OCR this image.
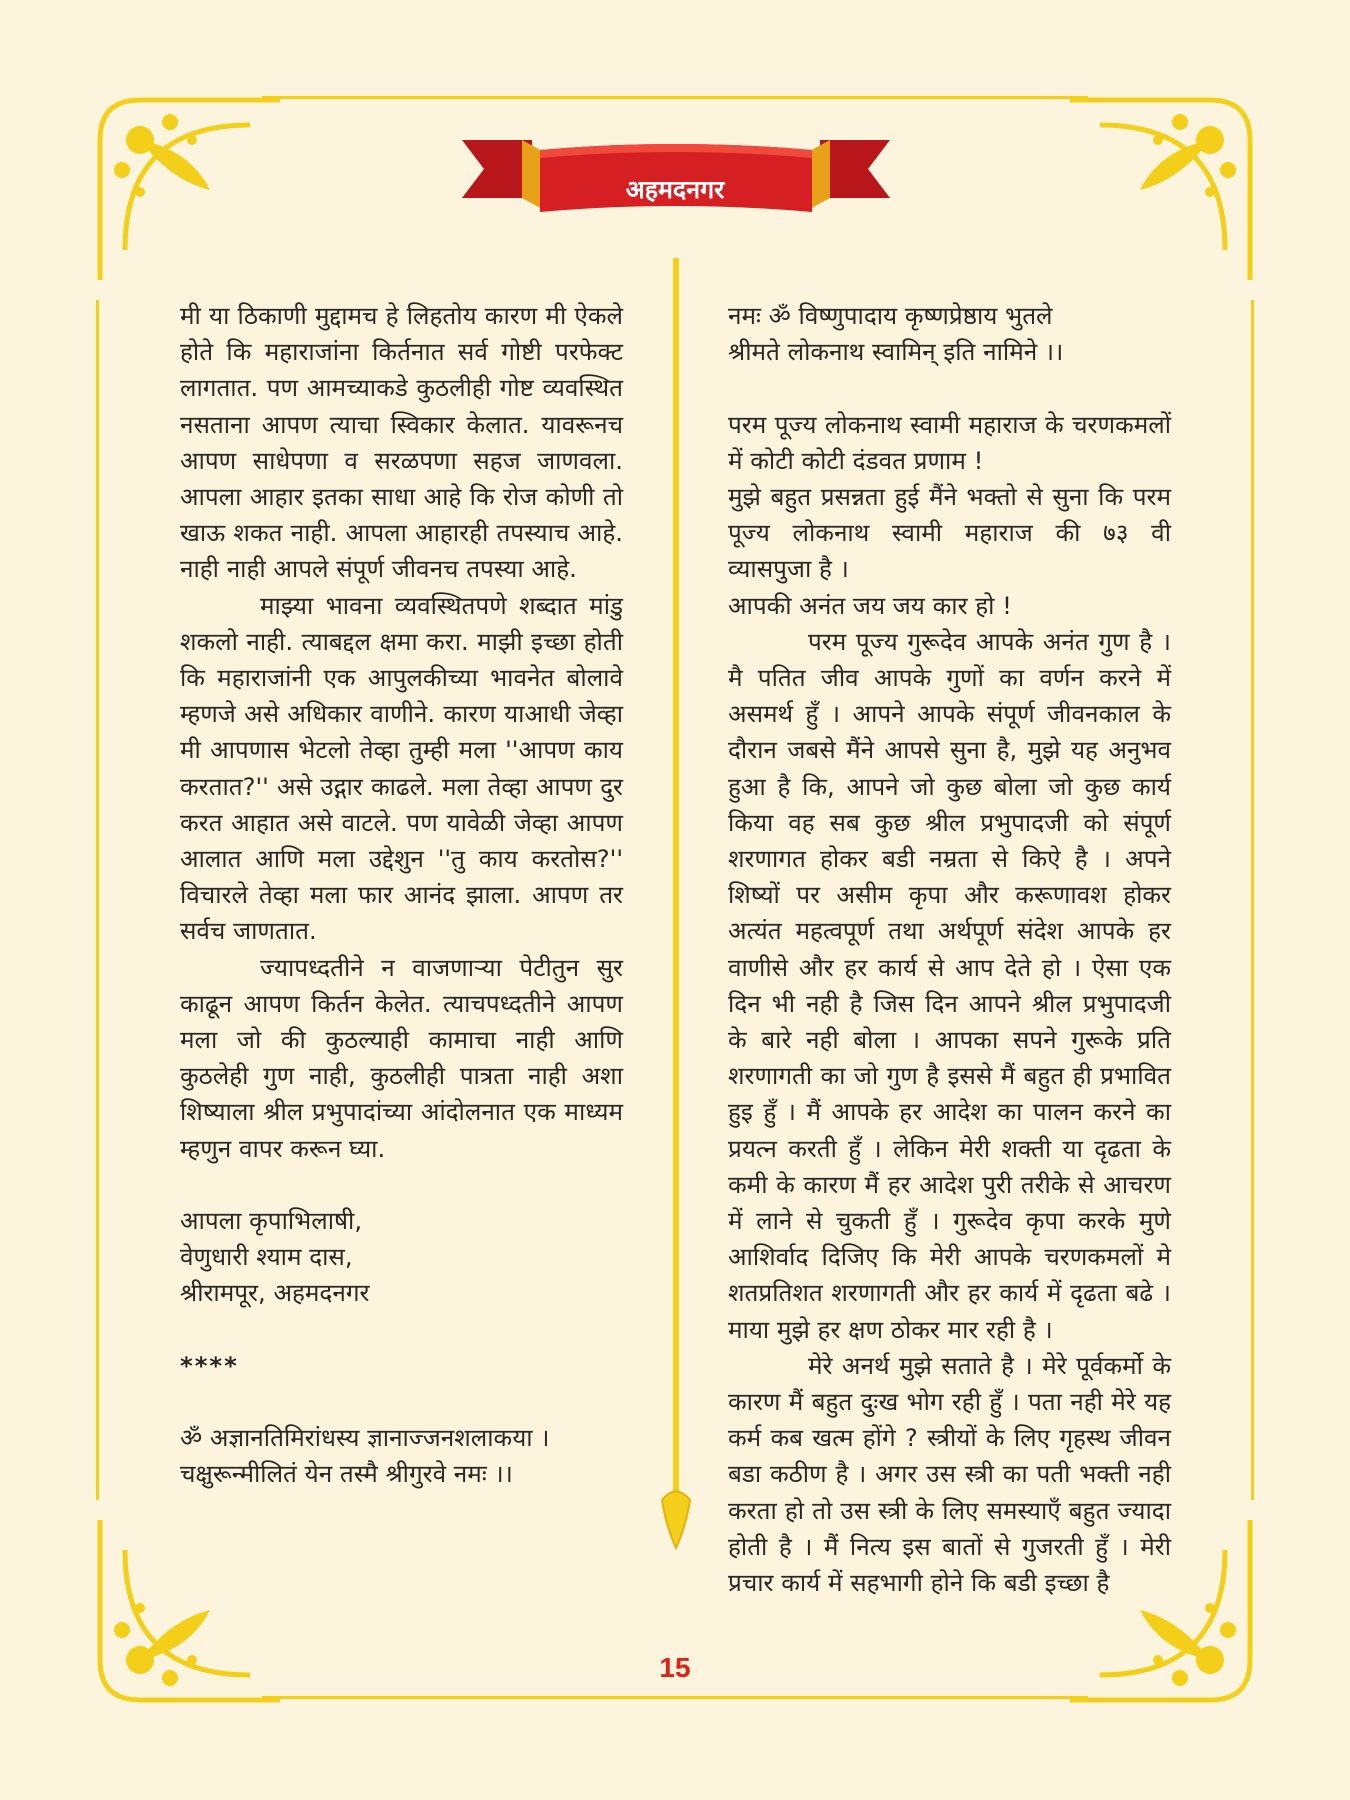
अहमदनगर

मी या ठिकाणी मुद्दामच हे लिहतोय कारण मी ऐकले होते कि महाराजांना किर्तनात सर्व गोष्टी परफेक्ट लागतात. पण आमच्याकडे कुठलीही गोष्ट व्यवस्थित नसताना आपण त्याचा स्विकार केलात. यावरूनच आपण साधेपणा व सरळपणा सहज जाणवला. आपला आहार इतका साधा आहे कि रोज कोणी तो खाऊ शकत नाही. आपला आहारही तपस्याच आहे. नाही नाही आपले संपूर्ण जीवनच तपस्या आहे.

माझ्या भावना व्यवस्थितपणे शब्दात मांडु शकलो नाही. त्याबद्दल क्षमा करा. माझी इच्छा होती कि महाराजांनी एक आपुलकीच्या भावनेत बोलावे म्हणजे असे अधिकार वाणीने. कारण याआधी जेव्हा मी आपणास भेटलो तेव्हा तुम्ही मला ''आपण काय करतात?'' असे उद्गार काढले. मला तेव्हा आपण दुर करत आहात असे वाटले. पण यावेळी जेव्हा आपण आलात आणि मला उद्देशुन ''तु काय करतोस?'' विचारले तेव्हा मला फार आनंद झाला. आपण तर सर्वच जाणतात.

ज्यापध्दतीने न वाजणाऱ्या पेटीतुन सुर काढून आपण किर्तन केलेत. त्याचपध्दतीने आपण मला जो की कुठल्याही कामाचा नाही आणि कुठलेही गुण नाही, कुठलीही पात्रता नाही अशा शिष्याला श्रील प्रभुपादांच्या आंदोलनात एक माध्यम म्हणुन वापर करून घ्या.

आपला कृपाभिलाषी,
वेणुधारी श्याम दास,
श्रीरामपूर, अहमदनगर
****
ॐ अज्ञानतिमिरांधस्य ज्ञानाज्जनशलाकया ।
चक्षुरून्मीलितं येन तस्मै श्रीगुरवे नमः ।।
नमः ॐ विष्णुपादाय कृष्णप्रेष्ठाय भुतले
श्रीमते लोकनाथ स्वामिन् इति नामिने ।।

परम पूज्य लोकनाथ स्वामी महाराज के चरणकमलों में कोटी कोटी दंडवत प्रणाम !

मुझे बहुत प्रसन्नता हुई मैंने भक्तो से सुना कि परम पूज्य लोकनाथ स्वामी महाराज की ७३ वी व्यासपुजा है ।

आपकी अनंत जय जय कार हो !

परम पूज्य गुरूदेव आपके अनंत गुण है । मै पतित जीव आपके गुणों का वर्णन करने में असमर्थ हुँ । आपने आपके संपूर्ण जीवनकाल के दौरान जबसे मैंने आपसे सुना है, मुझे यह अनुभव हुआ है कि, आपने जो कुछ बोला जो कुछ कार्य किया वह सब कुछ श्रील प्रभुपादजी को संपूर्ण शरणागत होकर बडी नम्रता से किऐ है । अपने शिष्यों पर असीम कृपा और करूणावश होकर अत्यंत महत्वपूर्ण तथा अर्थपूर्ण संदेश आपके हर वाणीसे और हर कार्य से आप देते हो । ऐसा एक दिन भी नही है जिस दिन आपने श्रील प्रभुपादजी के बारे नही बोला । आपका सपने गुरूके प्रति शरणागती का जो गुण है इससे मैं बहुत ही प्रभावित हुइ हुँ । मैं आपके हर आदेश का पालन करने का प्रयत्न करती हुँ । लेकिन मेरी शक्ती या दृढता के कमी के कारण मैं हर आदेश पुरी तरीके से आचरण में लाने से चुकती हुँ । गुरूदेव कृपा करके मुणे आशिर्वाद दिजिए कि मेरी आपके चरणकमलों मे शतप्रतिशत शरणागती और हर कार्य में दृढता बढे । माया मुझे हर क्षण ठोकर मार रही है ।

मेरे अनर्थ मुझे सताते है । मेरे पूर्वकर्मो के कारण मैं बहुत दुःख भोग रही हुँ । पता नही मेरे यह कर्म कब खत्म होंगे ? स्त्रीयों के लिए गृहस्थ जीवन बडा कठीण है । अगर उस स्त्री का पती भक्ती नही करता हो तो उस स्त्री के लिए समस्याएँ बहुत ज्यादा होती है । मैं नित्य इस बातों से गुजरती हुँ । मेरी प्रचार कार्य में सहभागी होने कि बडी इच्छा है

15
